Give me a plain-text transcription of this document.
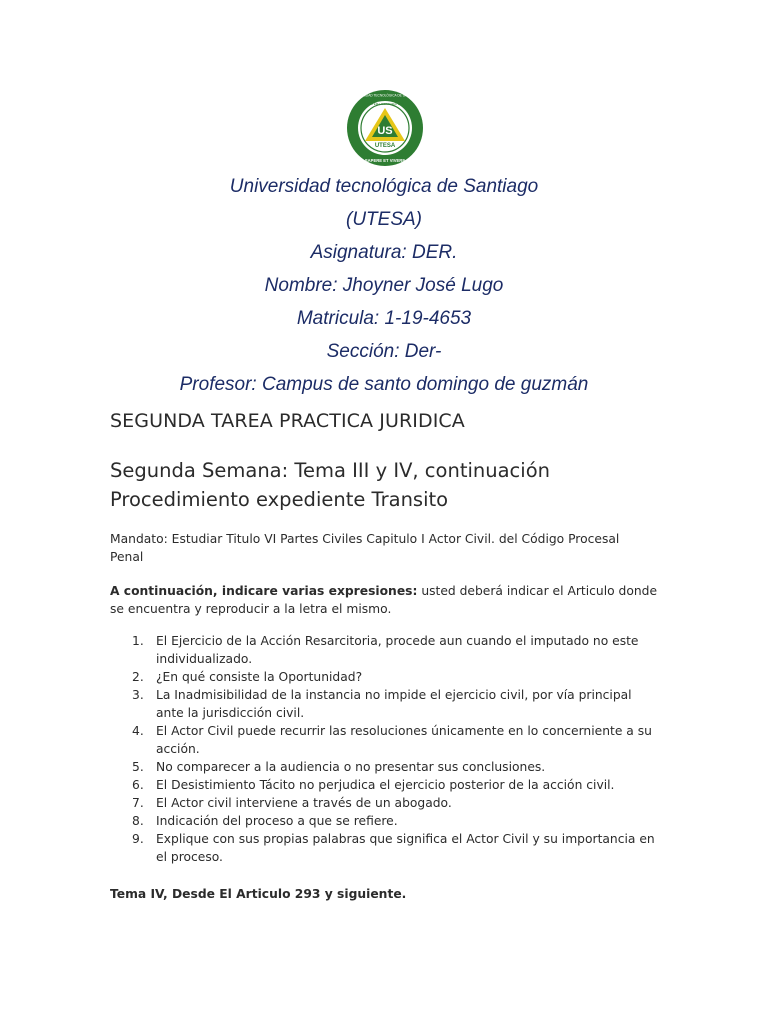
US
UTESA
SAPERE ET VIVERE
UNIVERSIDAD TECNOLÓGICA DE SANTIAGO
SISTEMA CORPORATIVO
Universidad tecnológica de Santiago
(UTESA)
Asignatura: DER.
Nombre: Jhoyner José Lugo
Matricula: 1-19-4653
Sección: Der-
Profesor: Campus de santo domingo de guzmán
SEGUNDA TAREA PRACTICA JURIDICA
Segunda Semana: Tema III y IV, continuación
Procedimiento expediente Transito
Mandato: Estudiar Titulo VI Partes Civiles Capitulo I Actor Civil. del Código Procesal
Penal
A continuación, indicare varias expresiones: usted deberá indicar el Articulo donde
se encuentra y reproducir a la letra el mismo.
1. El Ejercicio de la Acción Resarcitoria, procede aun cuando el imputado no este
individualizado.
2. ¿En qué consiste la Oportunidad?
3. La Inadmisibilidad de la instancia no impide el ejercicio civil, por vía principal
ante la jurisdicción civil.
4. El Actor Civil puede recurrir las resoluciones únicamente en lo concerniente a su
acción.
5. No comparecer a la audiencia o no presentar sus conclusiones.
6. El Desistimiento Tácito no perjudica el ejercicio posterior de la acción civil.
7. El Actor civil interviene a través de un abogado.
8. Indicación del proceso a que se refiere.
9. Explique con sus propias palabras que significa el Actor Civil y su importancia en
el proceso.
Tema IV, Desde El Articulo 293 y siguiente.
